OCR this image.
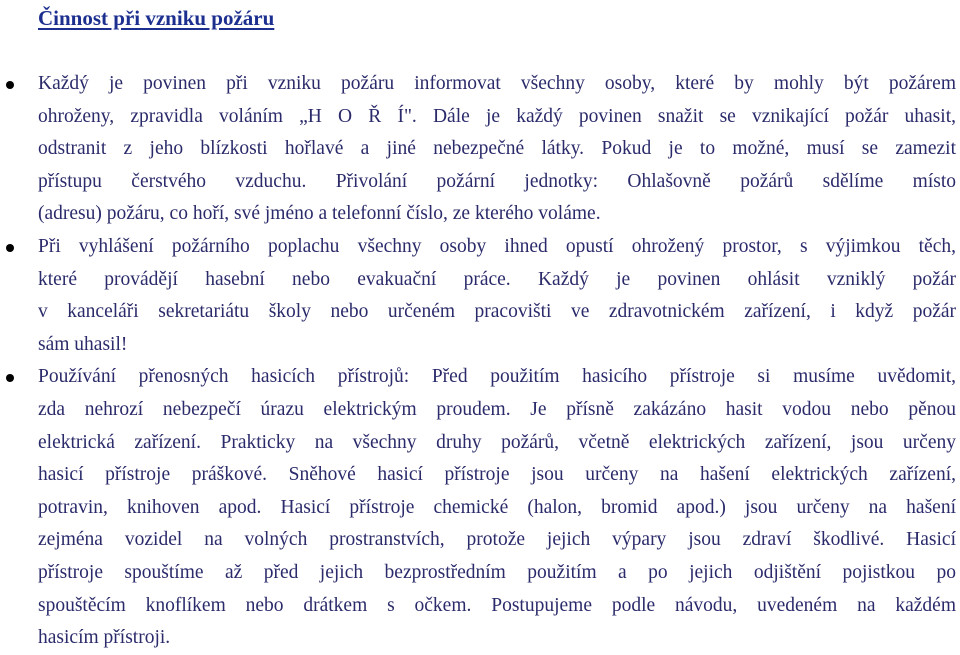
Činnost při vzniku požáru
Každý je povinen při vzniku požáru informovat všechny osoby, které by mohly být požárem
ohroženy, zpravidla voláním „H O Ř Í". Dále je každý povinen snažit se vznikající požár uhasit,
odstranit z jeho blízkosti hořlavé a jiné nebezpečné látky. Pokud je to možné, musí se zamezit
přístupu čerstvého vzduchu. Přivolání požární jednotky: Ohlašovně požárů sdělíme místo
(adresu) požáru, co hoří, své jméno a telefonní číslo, ze kterého voláme.
Při vyhlášení požárního poplachu všechny osoby ihned opustí ohrožený prostor, s výjimkou těch,
které provádějí hasební nebo evakuační práce. Každý je povinen ohlásit vzniklý požár
v kanceláři sekretariátu školy nebo určeném pracovišti ve zdravotnickém zařízení, i když požár
sám uhasil!
Používání přenosných hasicích přístrojů: Před použitím hasicího přístroje si musíme uvědomit,
zda nehrozí nebezpečí úrazu elektrickým proudem. Je přísně zakázáno hasit vodou nebo pěnou
elektrická zařízení. Prakticky na všechny druhy požárů, včetně elektrických zařízení, jsou určeny
hasicí přístroje práškové. Sněhové hasicí přístroje jsou určeny na hašení elektrických zařízení,
potravin, knihoven apod. Hasicí přístroje chemické (halon, bromid apod.) jsou určeny na hašení
zejména vozidel na volných prostranstvích, protože jejich výpary jsou zdraví škodlivé. Hasicí
přístroje spouštíme až před jejich bezprostředním použitím a po jejich odjištění pojistkou po
spouštěcím knoflíkem nebo drátkem s očkem. Postupujeme podle návodu, uvedeném na každém
hasicím přístroji.
